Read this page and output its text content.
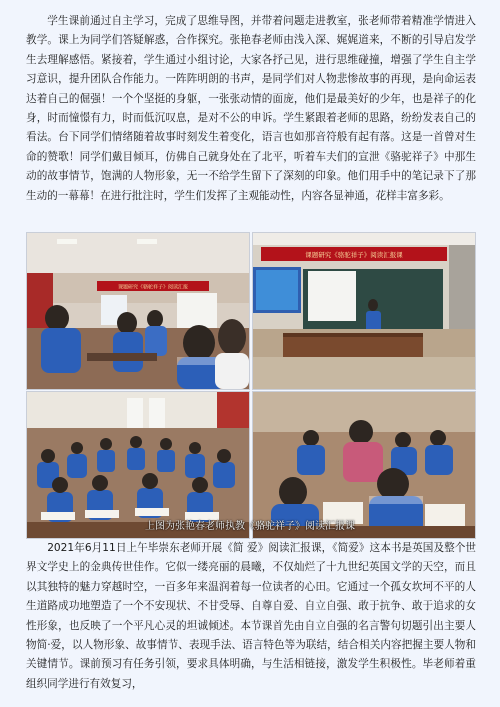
学生课前通过自主学习，完成了思维导图，并带着问题走进教室，张老师带着精准学情进入教学。课上为同学们答疑解惑，合作探究。张艳春老师由浅入深、娓娓道来，不断的引导启发学生去理解感悟。紧接着，学生通过小组讨论，大家各抒己见，进行思维碰撞，增强了学生自主学习意识，提升团队合作能力。一阵阵明朗的书声，是同学们对人物悲惨故事的再现，是向命运表达着自己的倔强！一个个坚挺的身躯，一张张动情的面庞，他们是最美好的少年，也是祥子的化身，时而憧憬有力，时而低沉叹息，是对不公的申诉。学生紧跟着老师的思路，纷纷发表自己的看法。台下同学们情绪随着故事时刻发生着变化，语言也如那音符般有起有落。这是一首曾对生命的赞歌！同学们戴目倾耳，仿佛自己就身处在了北平，听着车夫们的宣泄《骆驼祥子》中那生动的故事情节，饱满的人物形象，无一不给学生留下了深刻的印象。他们用手中的笔记录下了那生动的一幕幕！在进行批注时，学生们发挥了主观能动性，内容各显神通，花样丰富多彩。

课题研究《骆驼祥子》阅读汇报
课题研究《骆驼祥子》阅读汇报课
上图为张艳春老师执教《骆驼祥子》阅读汇报课

2021年6月11日上午毕崇东老师开展《简 爱》阅读汇报课，《简爱》这本书是英国及整个世界文学史上的金典传世佳作。它似一缕亮丽的晨曦，不仅灿烂了十九世纪英国文学的天空，而且以其独特的魅力穿越时空，一百多年来温润着每一位读者的心田。它通过一个孤女坎坷不平的人生道路成功地塑造了一个不安现状、不甘受辱、自尊自爱、自立自强、敢于抗争、敢于追求的女性形象，也反映了一个平凡心灵的坦诚倾述。本节课首先由自立自强的名言警句切题引出主要人物简·爱，以人物形象、故事情节、表现手法、语言特色等为联结，结合相关内容把握主要人物和关键情节。课前预习有任务引领，要求具体明确，与生活相链接，激发学生积极性。毕老师着重组织同学进行有效复习，
